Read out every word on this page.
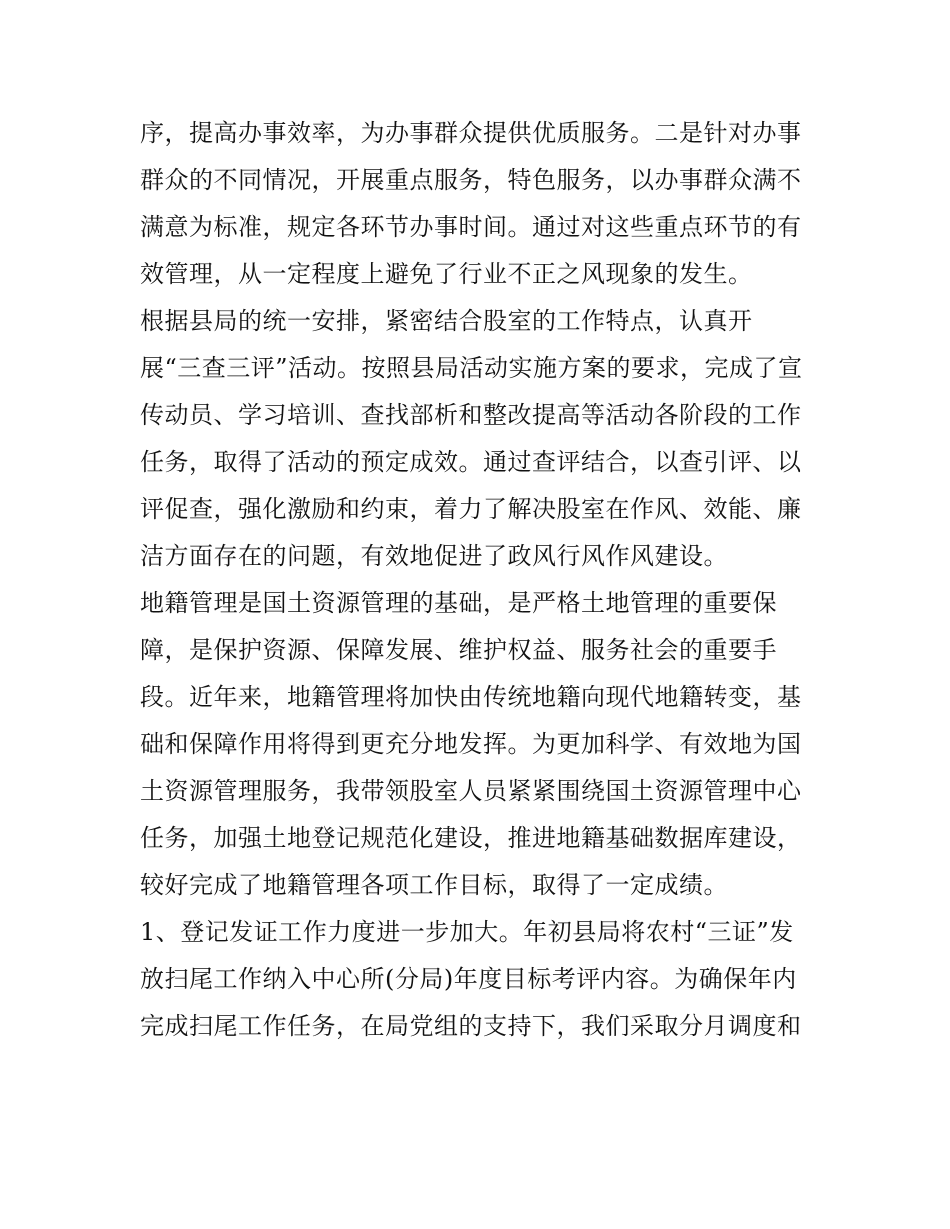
序，提高办事效率，为办事群众提供优质服务。二是针对办事
群众的不同情况，开展重点服务，特色服务，以办事群众满不
满意为标准，规定各环节办事时间。通过对这些重点环节的有
效管理，从一定程度上避免了行业不正之风现象的发生。
根据县局的统一安排，紧密结合股室的工作特点，认真开
展“三查三评”活动。按照县局活动实施方案的要求，完成了宣
传动员、学习培训、查找部析和整改提高等活动各阶段的工作
任务，取得了活动的预定成效。通过查评结合，以查引评、以
评促查，强化激励和约束，着力了解决股室在作风、效能、廉
洁方面存在的问题，有效地促进了政风行风作风建设。
地籍管理是国土资源管理的基础，是严格土地管理的重要保
障，是保护资源、保障发展、维护权益、服务社会的重要手
段。近年来，地籍管理将加快由传统地籍向现代地籍转变，基
础和保障作用将得到更充分地发挥。为更加科学、有效地为国
土资源管理服务，我带领股室人员紧紧围绕国土资源管理中心
任务，加强土地登记规范化建设，推进地籍基础数据库建设，
较好完成了地籍管理各项工作目标，取得了一定成绩。
1、登记发证工作力度进一步加大。年初县局将农村“三证”发
放扫尾工作纳入中心所(分局)年度目标考评内容。为确保年内
完成扫尾工作任务，在局党组的支持下，我们采取分月调度和
